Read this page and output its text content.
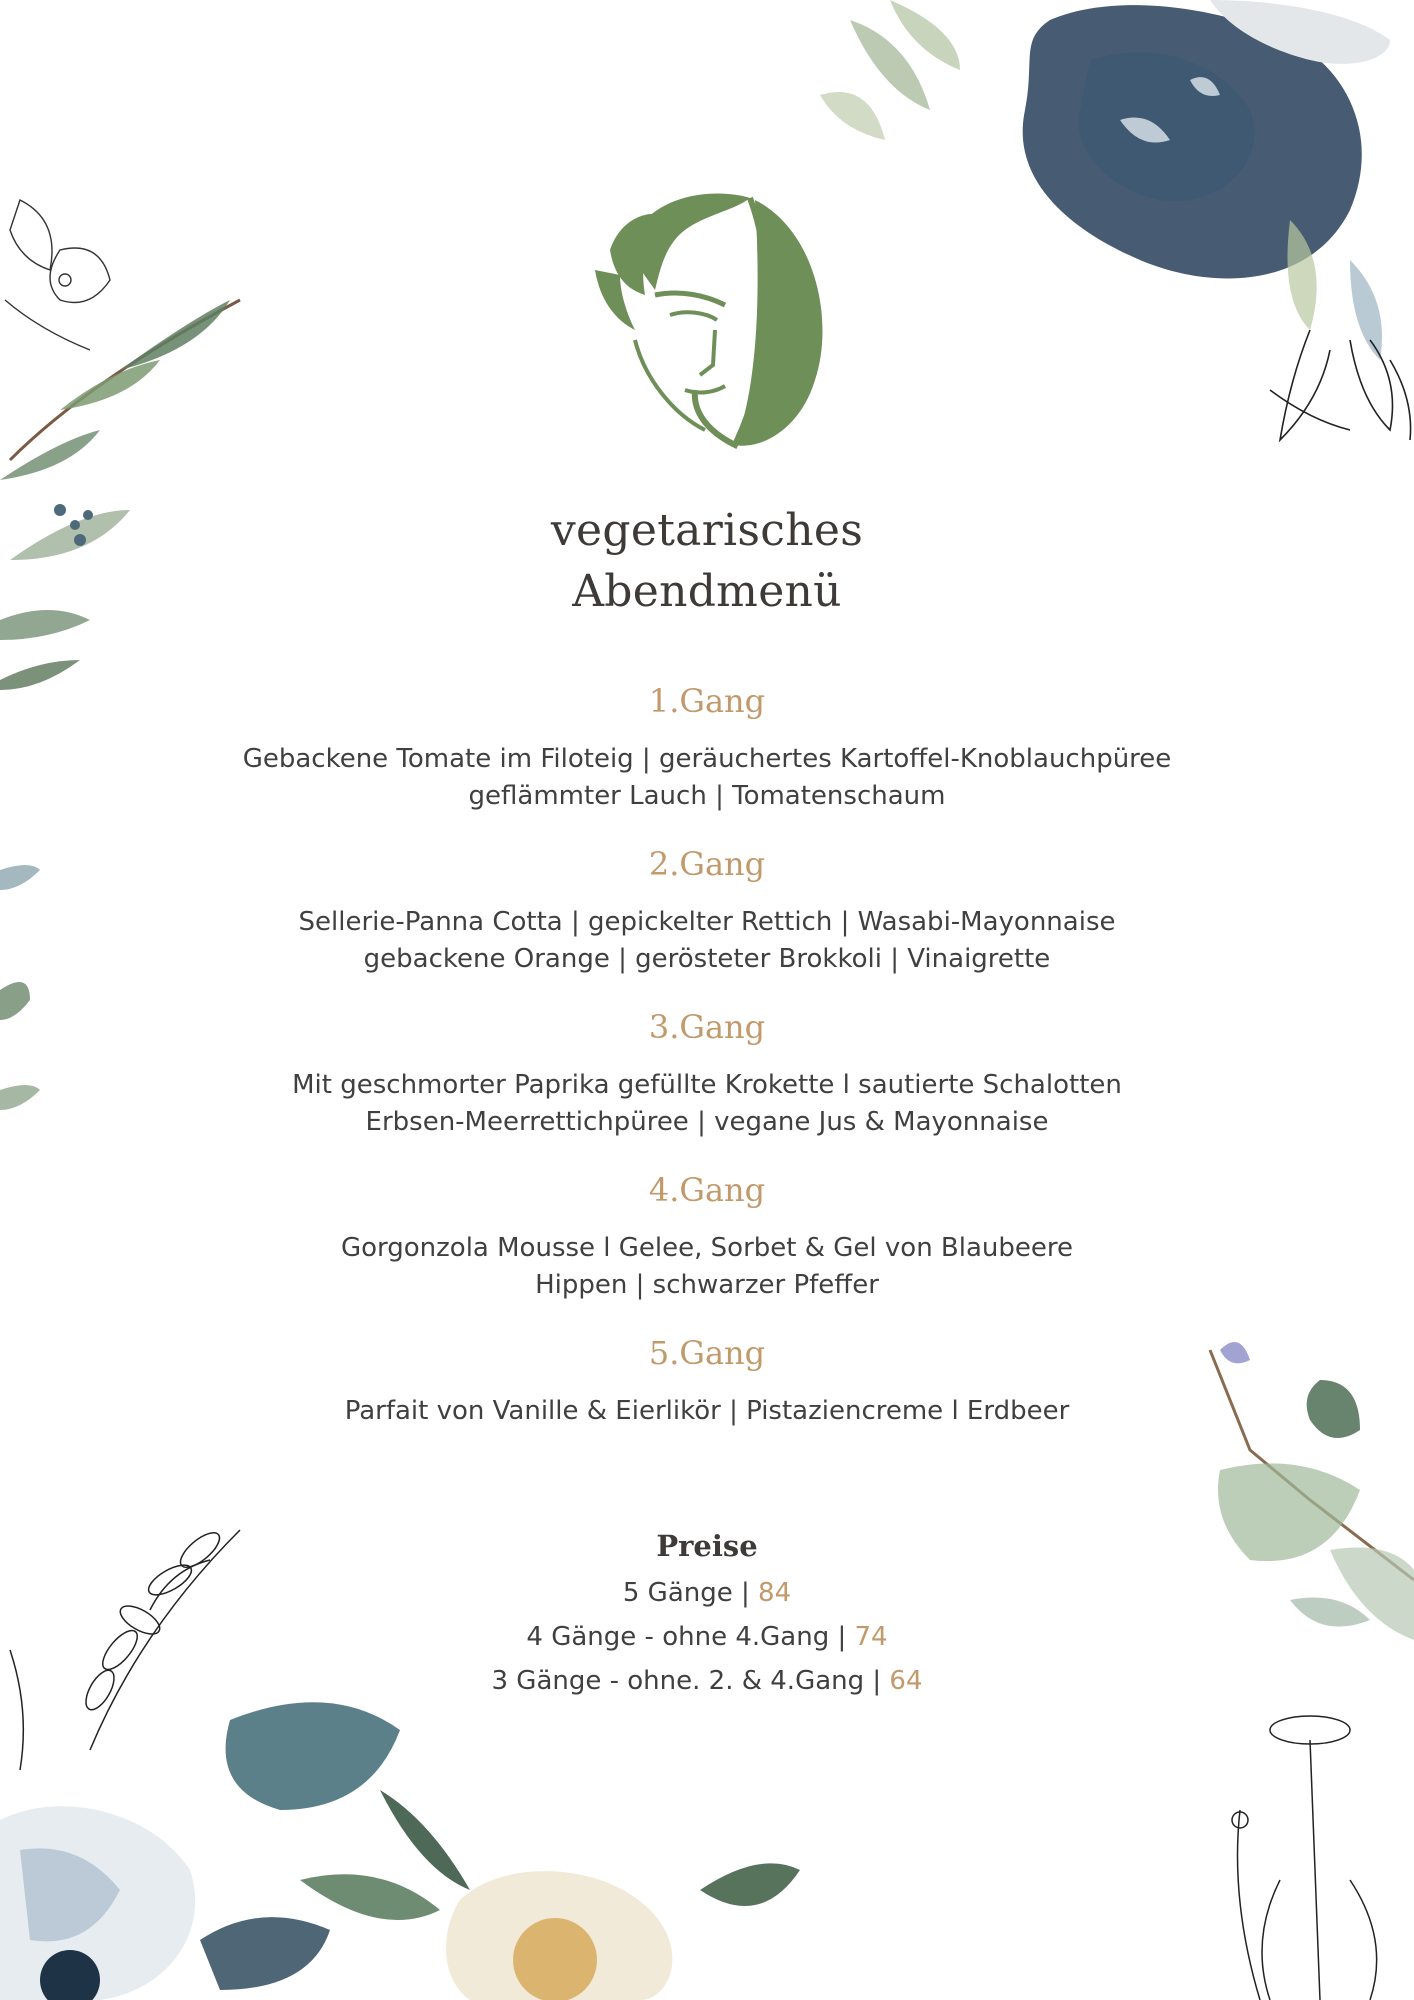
vegetarisches
Abendmenü
1.Gang
Gebackene Tomate im Filoteig | geräuchertes Kartoffel-Knoblauchpüree
geflämmter Lauch | Tomatenschaum
2.Gang
Sellerie-Panna Cotta | gepickelter Rettich | Wasabi-Mayonnaise
gebackene Orange | gerösteter Brokkoli | Vinaigrette
3.Gang
Mit geschmorter Paprika gefüllte Krokette l sautierte Schalotten
Erbsen-Meerrettichpüree | vegane Jus & Mayonnaise
4.Gang
Gorgonzola Mousse l Gelee, Sorbet & Gel von Blaubeere
Hippen | schwarzer Pfeffer
5.Gang
Parfait von Vanille & Eierlikör | Pistaziencreme l Erdbeer
Preise
5 Gänge | 84
4 Gänge - ohne 4.Gang | 74
3 Gänge - ohne. 2. & 4.Gang | 64
